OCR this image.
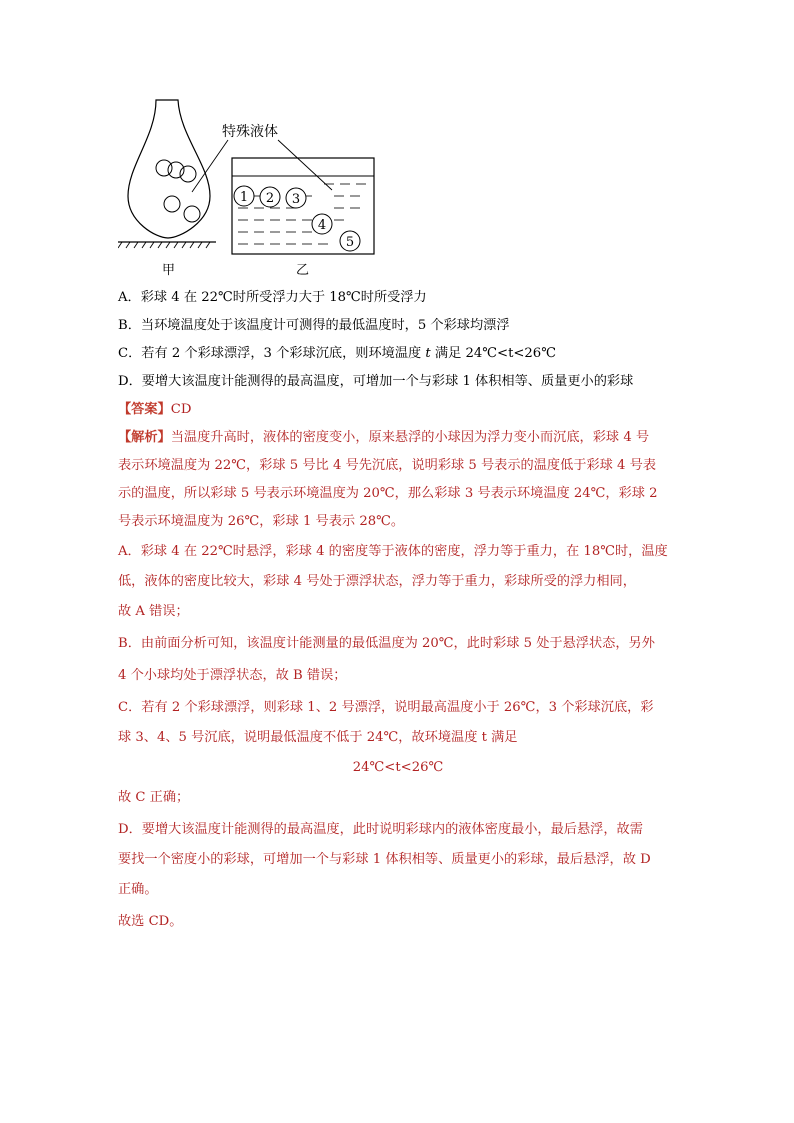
1 2 3
4
5
特殊液体
甲	乙

A．彩球 4 在 22℃时所受浮力大于 18℃时所受浮力

B．当环境温度处于该温度计可测得的最低温度时，5 个彩球均漂浮

C．若有 2 个彩球漂浮，3 个彩球沉底，则环境温度 t 满足 24℃<t<26℃

D．要增大该温度计能测得的最高温度，可增加一个与彩球 1 体积相等、质量更小的彩球

【答案】CD

【解析】当温度升高时，液体的密度变小，原来悬浮的小球因为浮力变小而沉底，彩球 4 号

表示环境温度为 22℃，彩球 5 号比 4 号先沉底，说明彩球 5 号表示的温度低于彩球 4 号表

示的温度，所以彩球 5 号表示环境温度为 20℃，那么彩球 3 号表示环境温度 24℃，彩球 2

号表示环境温度为 26℃，彩球 1 号表示 28℃。

A．彩球 4 在 22℃时悬浮，彩球 4 的密度等于液体的密度，浮力等于重力，在 18℃时，温度

低，液体的密度比较大，彩球 4 号处于漂浮状态，浮力等于重力，彩球所受的浮力相同，

故 A 错误；

B．由前面分析可知，该温度计能测量的最低温度为 20℃，此时彩球 5 处于悬浮状态，另外

4 个小球均处于漂浮状态，故 B 错误；

C．若有 2 个彩球漂浮，则彩球 1、2 号漂浮，说明最高温度小于 26℃，3 个彩球沉底，彩

球 3、4、5 号沉底，说明最低温度不低于 24℃，故环境温度 t 满足

24℃<t<26℃

故 C 正确；

D．要增大该温度计能测得的最高温度，此时说明彩球内的液体密度最小，最后悬浮，故需

要找一个密度小的彩球，可增加一个与彩球 1 体积相等、质量更小的彩球，最后悬浮，故 D

正确。

故选 CD。
